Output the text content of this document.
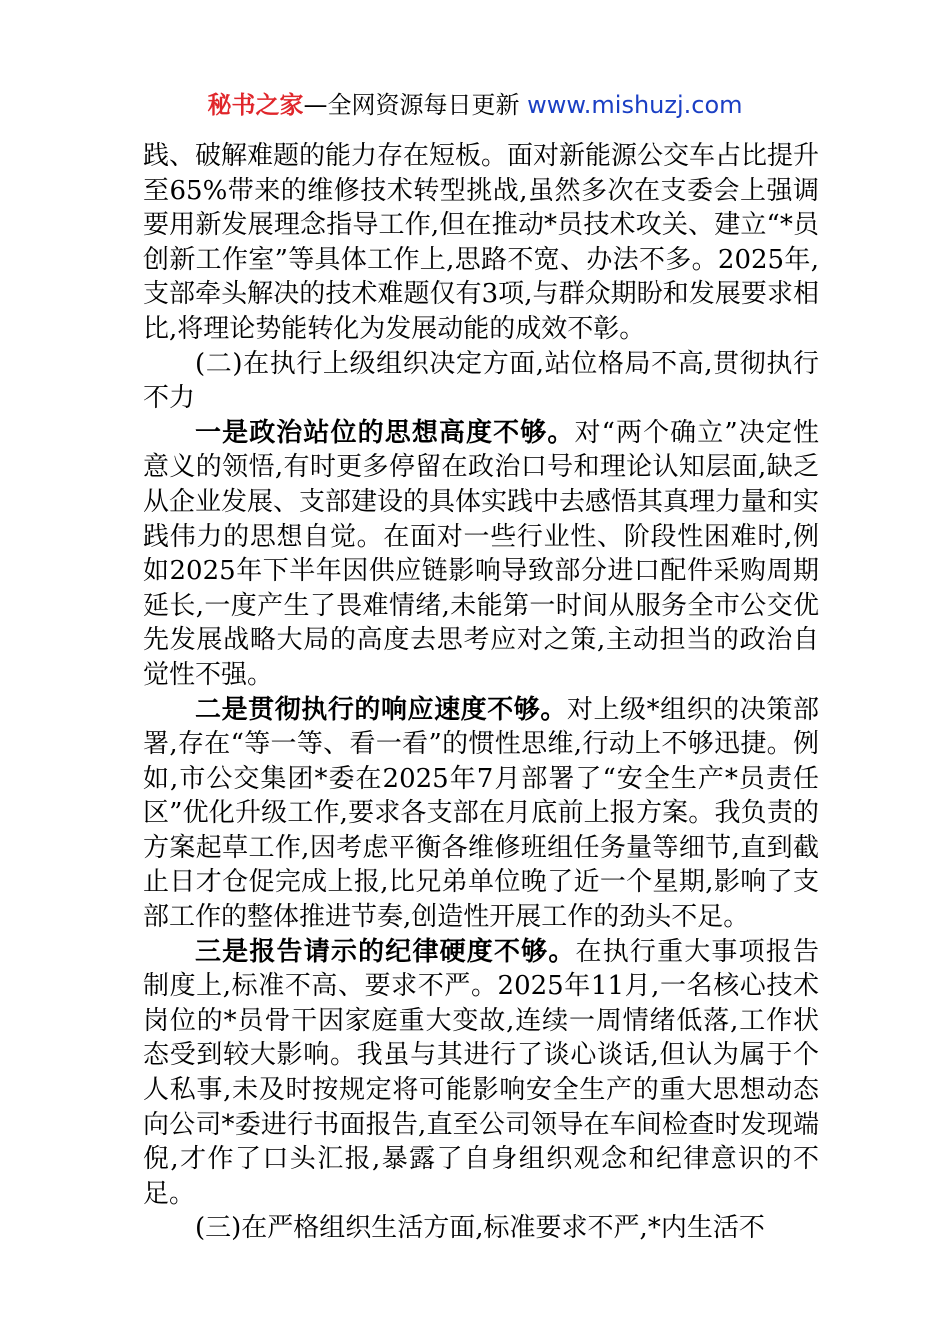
秘书之家—全网资源每日更新 www.mishuzj.com

践、破解难题的能力存在短板。面对新能源公交车占比提升至65%带来的维修技术转型挑战,虽然多次在支委会上强调要用新发展理念指导工作,但在推动*员技术攻关、建立“*员创新工作室”等具体工作上,思路不宽、办法不多。2025年,支部牵头解决的技术难题仅有3项,与群众期盼和发展要求相比,将理论势能转化为发展动能的成效不彰。

(二)在执行上级组织决定方面,站位格局不高,贯彻执行不力

一是政治站位的思想高度不够。对“两个确立”决定性意义的领悟,有时更多停留在政治口号和理论认知层面,缺乏从企业发展、支部建设的具体实践中去感悟其真理力量和实践伟力的思想自觉。在面对一些行业性、阶段性困难时,例如2025年下半年因供应链影响导致部分进口配件采购周期延长,一度产生了畏难情绪,未能第一时间从服务全市公交优先发展战略大局的高度去思考应对之策,主动担当的政治自觉性不强。

二是贯彻执行的响应速度不够。对上级*组织的决策部署,存在“等一等、看一看”的惯性思维,行动上不够迅捷。例如,市公交集团*委在2025年7月部署了“安全生产*员责任区”优化升级工作,要求各支部在月底前上报方案。我负责的方案起草工作,因考虑平衡各维修班组任务量等细节,直到截止日才仓促完成上报,比兄弟单位晚了近一个星期,影响了支部工作的整体推进节奏,创造性开展工作的劲头不足。

三是报告请示的纪律硬度不够。在执行重大事项报告制度上,标准不高、要求不严。2025年11月,一名核心技术岗位的*员骨干因家庭重大变故,连续一周情绪低落,工作状态受到较大影响。我虽与其进行了谈心谈话,但认为属于个人私事,未及时按规定将可能影响安全生产的重大思想动态向公司*委进行书面报告,直至公司领导在车间检查时发现端倪,才作了口头汇报,暴露了自身组织观念和纪律意识的不足。

(三)在严格组织生活方面,标准要求不严,*内生活不
